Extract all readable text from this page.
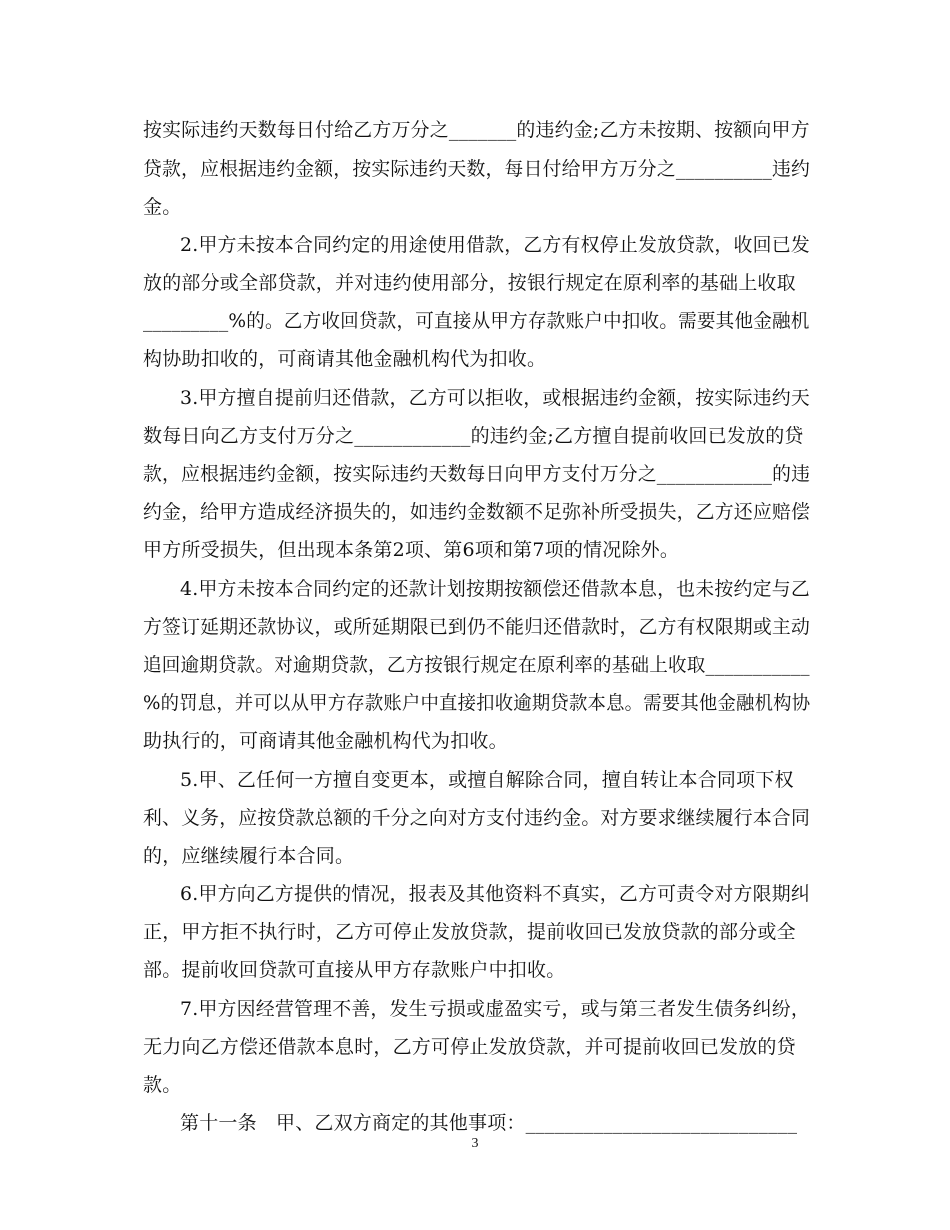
按实际违约天数每日付给乙方万分之_______的违约金;乙方未按期、按额向甲方
贷款，应根据违约金额，按实际违约天数，每日付给甲方万分之__________违约
金。
2.甲方未按本合同约定的用途使用借款，乙方有权停止发放贷款，收回已发
放的部分或全部贷款，并对违约使用部分，按银行规定在原利率的基础上收取
_________%的。乙方收回贷款，可直接从甲方存款账户中扣收。需要其他金融机
构协助扣收的，可商请其他金融机构代为扣收。
3.甲方擅自提前归还借款，乙方可以拒收，或根据违约金额，按实际违约天
数每日向乙方支付万分之____________的违约金;乙方擅自提前收回已发放的贷
款，应根据违约金额，按实际违约天数每日向甲方支付万分之____________的违
约金，给甲方造成经济损失的，如违约金数额不足弥补所受损失，乙方还应赔偿
甲方所受损失，但出现本条第2项、第6项和第7项的情况除外。
4.甲方未按本合同约定的还款计划按期按额偿还借款本息，也未按约定与乙
方签订延期还款协议，或所延期限已到仍不能归还借款时，乙方有权限期或主动
追回逾期贷款。对逾期贷款，乙方按银行规定在原利率的基础上收取___________
%的罚息，并可以从甲方存款账户中直接扣收逾期贷款本息。需要其他金融机构协
助执行的，可商请其他金融机构代为扣收。
5.甲、乙任何一方擅自变更本，或擅自解除合同，擅自转让本合同项下权
利、义务，应按贷款总额的千分之向对方支付违约金。对方要求继续履行本合同
的，应继续履行本合同。
6.甲方向乙方提供的情况，报表及其他资料不真实，乙方可责令对方限期纠
正，甲方拒不执行时，乙方可停止发放贷款，提前收回已发放贷款的部分或全
部。提前收回贷款可直接从甲方存款账户中扣收。
7.甲方因经营管理不善，发生亏损或虚盈实亏，或与第三者发生债务纠纷，
无力向乙方偿还借款本息时，乙方可停止发放贷款，并可提前收回已发放的贷
款。
第十一条　甲、乙双方商定的其他事项：____________________________
3
